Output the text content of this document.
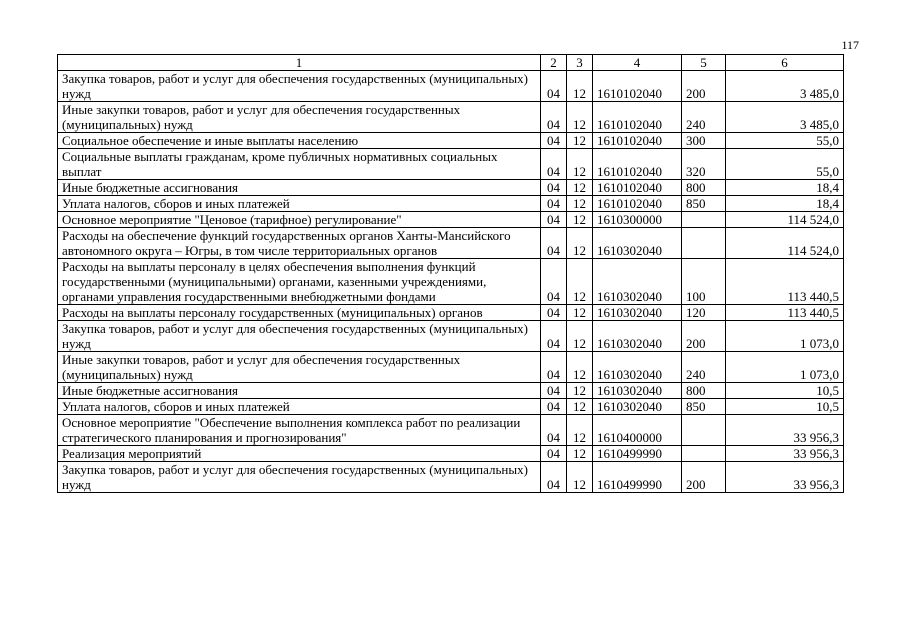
117
1	2	3	4	5	6
Закупка товаров, работ и услуг для обеспечения государственных (муниципальных) нужд	04	12	1610102040	200	3 485,0
Иные закупки товаров, работ и услуг для обеспечения государственных (муниципальных) нужд	04	12	1610102040	240	3 485,0
Социальное обеспечение и иные выплаты населению	04	12	1610102040	300	55,0
Социальные выплаты гражданам, кроме публичных нормативных социальных выплат	04	12	1610102040	320	55,0
Иные бюджетные ассигнования	04	12	1610102040	800	18,4
Уплата налогов, сборов и иных платежей	04	12	1610102040	850	18,4
Основное мероприятие "Ценовое (тарифное) регулирование"	04	12	1610300000		114 524,0
Расходы на обеспечение функций государственных органов Ханты-Мансийского автономного округа – Югры, в том числе территориальных органов	04	12	1610302040		114 524,0
Расходы на выплаты персоналу в целях обеспечения выполнения функций государственными (муниципальными) органами, казенными учреждениями, органами управления государственными внебюджетными фондами	04	12	1610302040	100	113 440,5
Расходы на выплаты персоналу государственных (муниципальных) органов	04	12	1610302040	120	113 440,5
Закупка товаров, работ и услуг для обеспечения государственных (муниципальных) нужд	04	12	1610302040	200	1 073,0
Иные закупки товаров, работ и услуг для обеспечения государственных (муниципальных) нужд	04	12	1610302040	240	1 073,0
Иные бюджетные ассигнования	04	12	1610302040	800	10,5
Уплата налогов, сборов и иных платежей	04	12	1610302040	850	10,5
Основное мероприятие "Обеспечение выполнения комплекса работ по реализации стратегического планирования и прогнозирования"	04	12	1610400000		33 956,3
Реализация мероприятий	04	12	1610499990		33 956,3
Закупка товаров, работ и услуг для обеспечения государственных (муниципальных) нужд	04	12	1610499990	200	33 956,3
